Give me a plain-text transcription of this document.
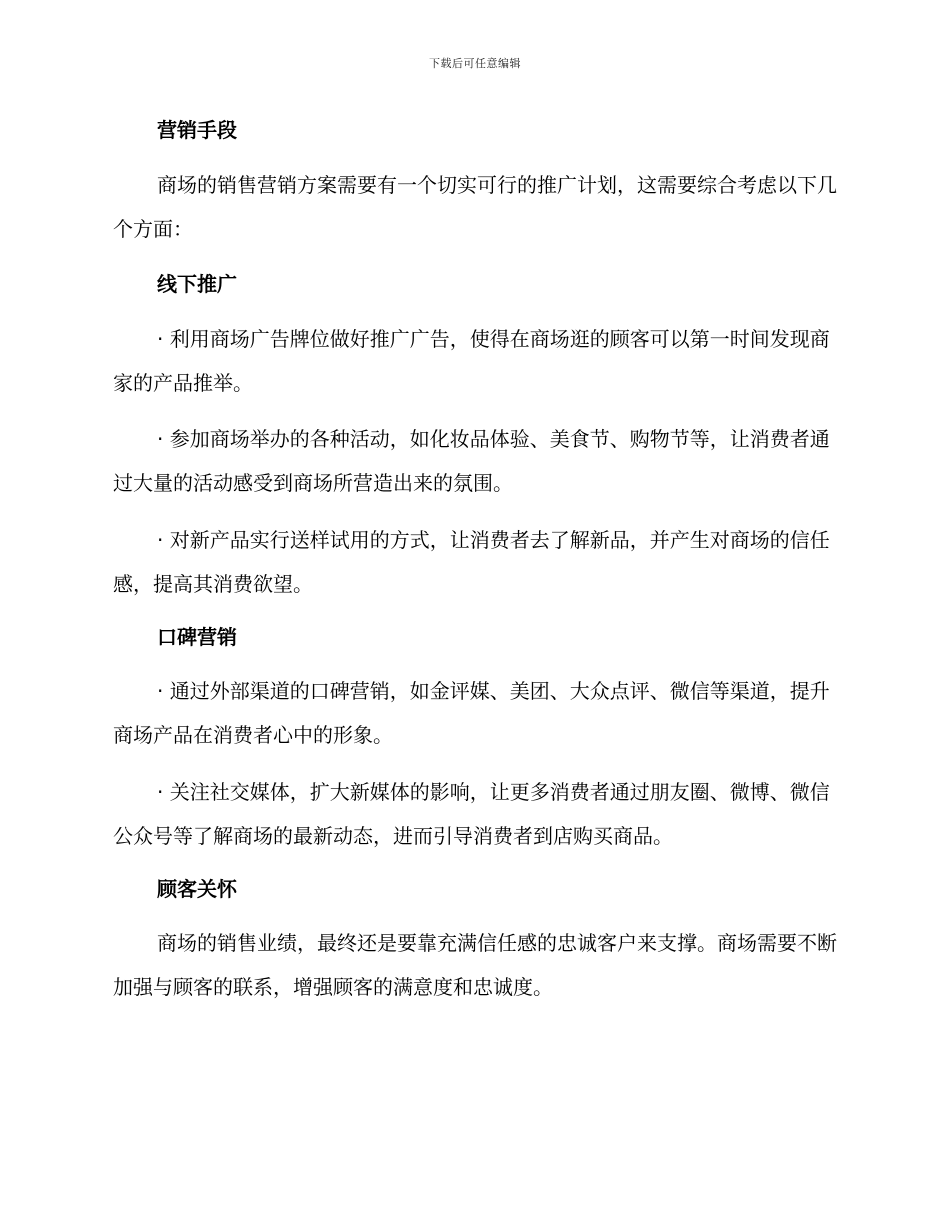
下载后可任意编辑
营销手段

商场的销售营销方案需要有一个切实可行的推广计划，这需要综合考虑以下几个方面：

线下推广

· 利用商场广告牌位做好推广广告，使得在商场逛的顾客可以第一时间发现商家的产品推举。

· 参加商场举办的各种活动，如化妆品体验、美食节、购物节等，让消费者通过大量的活动感受到商场所营造出来的氛围。

· 对新产品实行送样试用的方式，让消费者去了解新品，并产生对商场的信任感，提高其消费欲望。

口碑营销

· 通过外部渠道的口碑营销，如金评媒、美团、大众点评、微信等渠道，提升商场产品在消费者心中的形象。

· 关注社交媒体，扩大新媒体的影响，让更多消费者通过朋友圈、微博、微信公众号等了解商场的最新动态，进而引导消费者到店购买商品。

顾客关怀

商场的销售业绩，最终还是要靠充满信任感的忠诚客户来支撑。商场需要不断加强与顾客的联系，增强顾客的满意度和忠诚度。
